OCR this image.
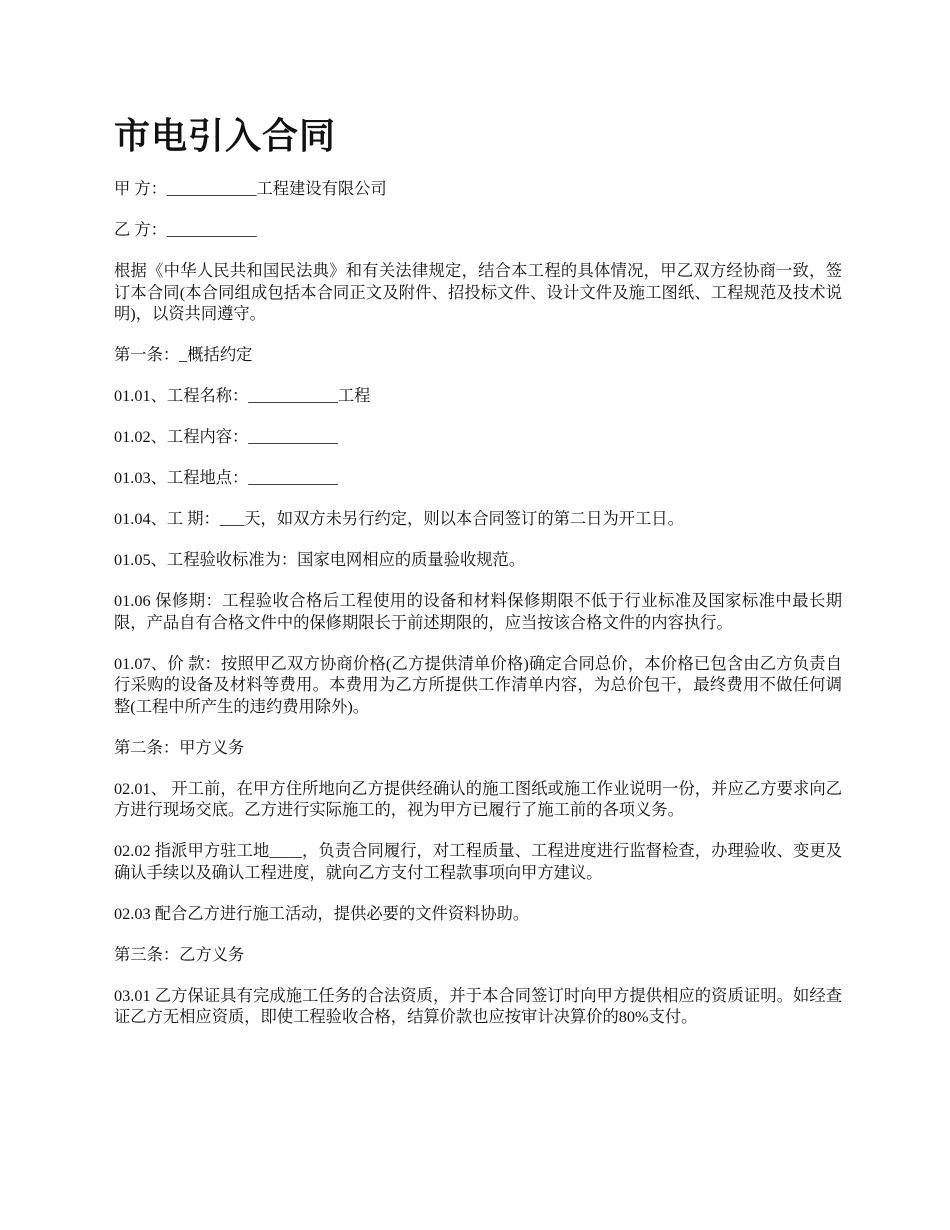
市电引入合同

甲 方：___________工程建设有限公司

乙 方：___________

根据《中华人民共和国民法典》和有关法律规定，结合本工程的具体情况，甲乙双方经协商一致，签订本合同(本合同组成包括本合同正文及附件、招投标文件、设计文件及施工图纸、工程规范及技术说明)，以资共同遵守。

第一条：_概括约定

01.01、工程名称：___________工程

01.02、工程内容：___________

01.03、工程地点：___________

01.04、工 期：___天，如双方未另行约定，则以本合同签订的第二日为开工日。

01.05、工程验收标准为：国家电网相应的质量验收规范。

01.06 保修期：工程验收合格后工程使用的设备和材料保修期限不低于行业标准及国家标准中最长期限，产品自有合格文件中的保修期限长于前述期限的，应当按该合格文件的内容执行。

01.07、价 款：按照甲乙双方协商价格(乙方提供清单价格)确定合同总价，本价格已包含由乙方负责自行采购的设备及材料等费用。本费用为乙方所提供工作清单内容，为总价包干，最终费用不做任何调整(工程中所产生的违约费用除外)。

第二条：甲方义务

02.01、 开工前，在甲方住所地向乙方提供经确认的施工图纸或施工作业说明一份，并应乙方要求向乙方进行现场交底。乙方进行实际施工的，视为甲方已履行了施工前的各项义务。

02.02 指派甲方驻工地____，负责合同履行，对工程质量、工程进度进行监督检查，办理验收、变更及确认手续以及确认工程进度，就向乙方支付工程款事项向甲方建议。

02.03 配合乙方进行施工活动，提供必要的文件资料协助。

第三条：乙方义务

03.01 乙方保证具有完成施工任务的合法资质，并于本合同签订时向甲方提供相应的资质证明。如经查证乙方无相应资质，即使工程验收合格，结算价款也应按审计决算价的80%支付。
